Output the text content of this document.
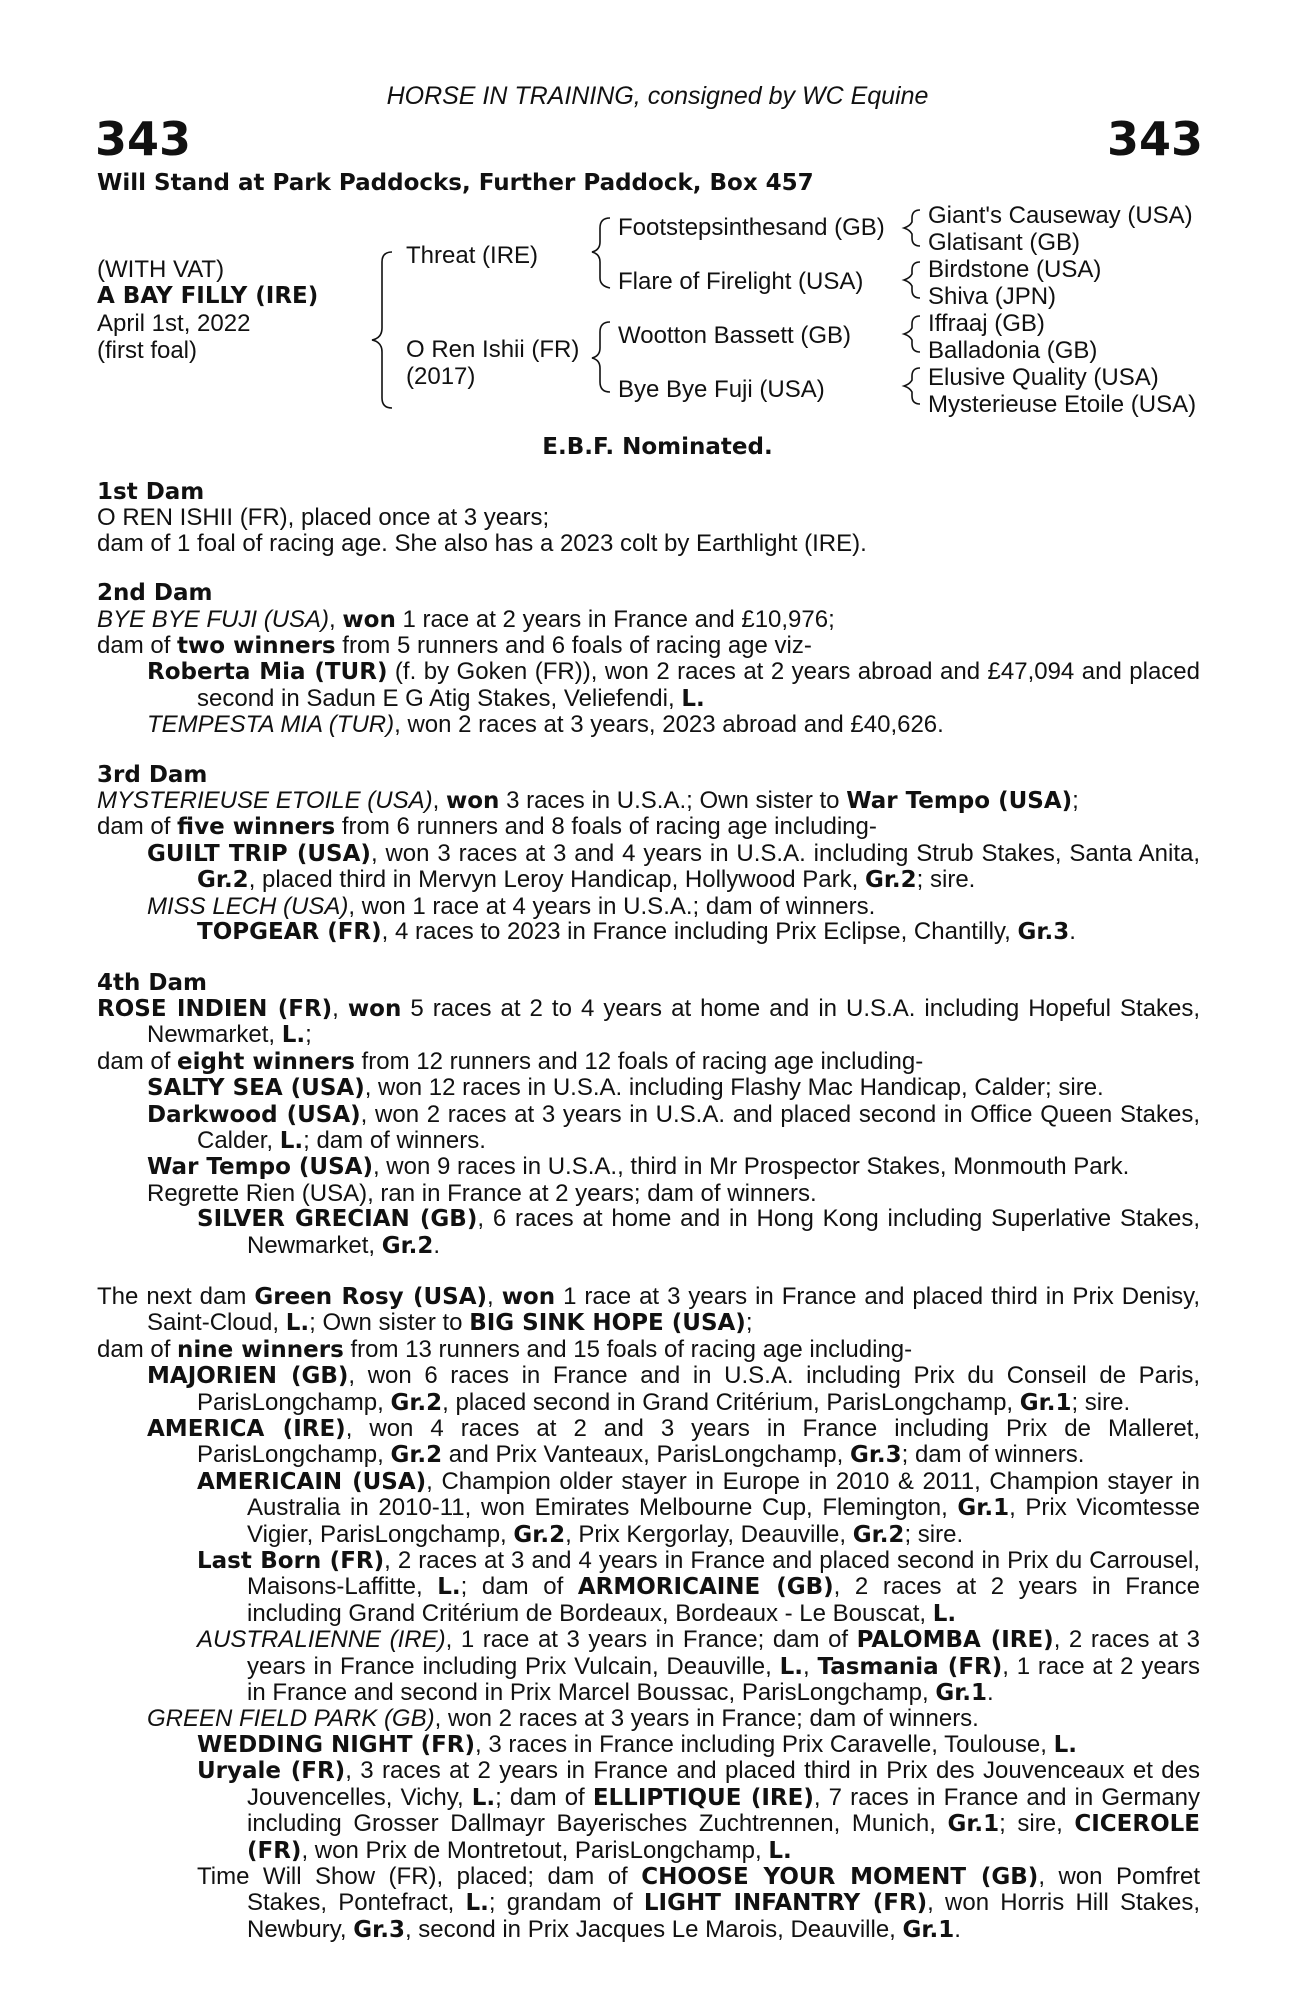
HORSE IN TRAINING, consigned by WC Equine
343	343
Will Stand at Park Paddocks, Further Paddock, Box 457
(WITH VAT)
A BAY FILLY (IRE)
April 1st, 2022
(first foal)
Threat (IRE)
O Ren Ishii (FR)
(2017)
Footstepsinthesand (GB)
Flare of Firelight (USA)
Wootton Bassett (GB)
Bye Bye Fuji (USA)
Giant's Causeway (USA)
Glatisant (GB)
Birdstone (USA)
Shiva (JPN)
Iffraaj (GB)
Balladonia (GB)
Elusive Quality (USA)
Mysterieuse Etoile (USA)
E.B.F. Nominated.
1st Dam

O REN ISHII (FR), placed once at 3 years;

dam of 1 foal of racing age. She also has a 2023 colt by Earthlight (IRE).

2nd Dam

BYE BYE FUJI (USA), won 1 race at 2 years in France and £10,976;

dam of two winners from 5 runners and 6 foals of racing age viz-

Roberta Mia (TUR) (f. by Goken (FR)), won 2 races at 2 years abroad and £47,094 and placed second in Sadun E G Atig Stakes, Veliefendi, L.

TEMPESTA MIA (TUR), won 2 races at 3 years, 2023 abroad and £40,626.

3rd Dam

MYSTERIEUSE ETOILE (USA), won 3 races in U.S.A.; Own sister to War Tempo (USA);

dam of five winners from 6 runners and 8 foals of racing age including-

GUILT TRIP (USA), won 3 races at 3 and 4 years in U.S.A. including Strub Stakes, Santa Anita, Gr.2, placed third in Mervyn Leroy Handicap, Hollywood Park, Gr.2; sire.

MISS LECH (USA), won 1 race at 4 years in U.S.A.; dam of winners.

TOPGEAR (FR), 4 races to 2023 in France including Prix Eclipse, Chantilly, Gr.3.

4th Dam

ROSE INDIEN (FR), won 5 races at 2 to 4 years at home and in U.S.A. including Hopeful Stakes, Newmarket, L.;

dam of eight winners from 12 runners and 12 foals of racing age including-

SALTY SEA (USA), won 12 races in U.S.A. including Flashy Mac Handicap, Calder; sire.

Darkwood (USA), won 2 races at 3 years in U.S.A. and placed second in Office Queen Stakes, Calder, L.; dam of winners.

War Tempo (USA), won 9 races in U.S.A., third in Mr Prospector Stakes, Monmouth Park.

Regrette Rien (USA), ran in France at 2 years; dam of winners.

SILVER GRECIAN (GB), 6 races at home and in Hong Kong including Superlative Stakes, Newmarket, Gr.2.

The next dam Green Rosy (USA), won 1 race at 3 years in France and placed third in Prix Denisy, Saint-Cloud, L.; Own sister to BIG SINK HOPE (USA);

dam of nine winners from 13 runners and 15 foals of racing age including-

MAJORIEN (GB), won 6 races in France and in U.S.A. including Prix du Conseil de Paris, ParisLongchamp, Gr.2, placed second in Grand Critérium, ParisLongchamp, Gr.1; sire.

AMERICA (IRE), won 4 races at 2 and 3 years in France including Prix de Malleret, ParisLongchamp, Gr.2 and Prix Vanteaux, ParisLongchamp, Gr.3; dam of winners.

AMERICAIN (USA), Champion older stayer in Europe in 2010 & 2011, Champion stayer in Australia in 2010-11, won Emirates Melbourne Cup, Flemington, Gr.1, Prix Vicomtesse Vigier, ParisLongchamp, Gr.2, Prix Kergorlay, Deauville, Gr.2; sire.

Last Born (FR), 2 races at 3 and 4 years in France and placed second in Prix du Carrousel, Maisons-Laffitte, L.; dam of ARMORICAINE (GB), 2 races at 2 years in France including Grand Critérium de Bordeaux, Bordeaux - Le Bouscat, L.

AUSTRALIENNE (IRE), 1 race at 3 years in France; dam of PALOMBA (IRE), 2 races at 3 years in France including Prix Vulcain, Deauville, L., Tasmania (FR), 1 race at 2 years in France and second in Prix Marcel Boussac, ParisLongchamp, Gr.1.

GREEN FIELD PARK (GB), won 2 races at 3 years in France; dam of winners.

WEDDING NIGHT (FR), 3 races in France including Prix Caravelle, Toulouse, L.

Uryale (FR), 3 races at 2 years in France and placed third in Prix des Jouvenceaux et des Jouvencelles, Vichy, L.; dam of ELLIPTIQUE (IRE), 7 races in France and in Germany including Grosser Dallmayr Bayerisches Zuchtrennen, Munich, Gr.1; sire, CICEROLE (FR), won Prix de Montretout, ParisLongchamp, L.

Time Will Show (FR), placed; dam of CHOOSE YOUR MOMENT (GB), won Pomfret Stakes, Pontefract, L.; grandam of LIGHT INFANTRY (FR), won Horris Hill Stakes, Newbury, Gr.3, second in Prix Jacques Le Marois, Deauville, Gr.1.
